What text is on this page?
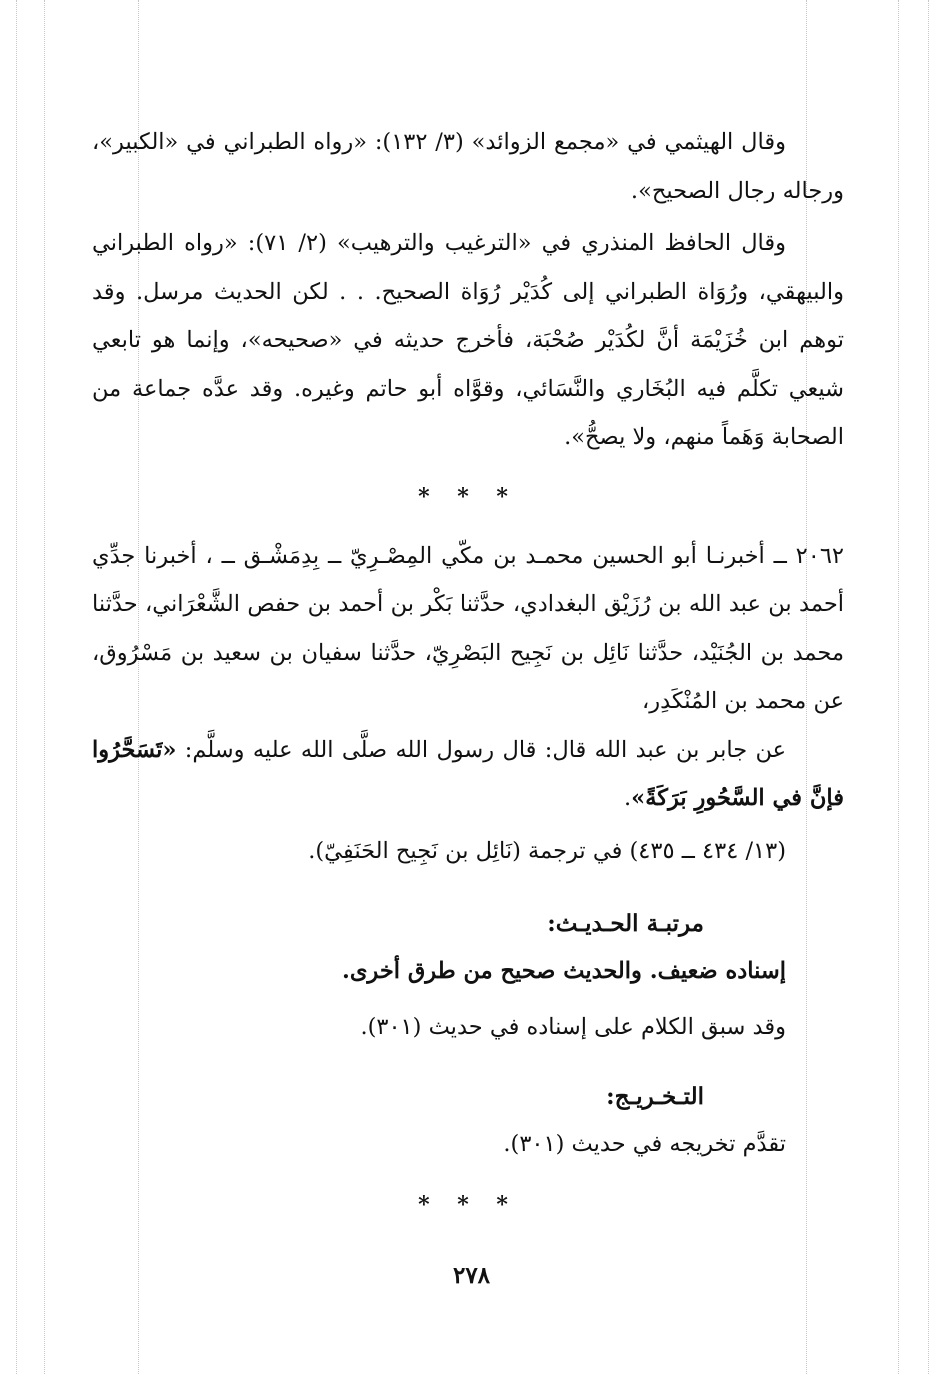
وقال الهيثمي في «مجمع الزوائد» (٣/ ١٣٢): «رواه الطبراني في «الكبير»، ورجاله رجال الصحيح».

وقال الحافظ المنذري في «الترغيب والترهيب» (٢/ ٧١): «رواه الطبراني والبيهقي، ورُوَاة الطبراني إلى كُدَيْر رُوَاة الصحيح. . . لكن الحديث مرسل. وقد توهم ابن خُزَيْمَة أنَّ لكُدَيْر صُحْبَة، فأخرج حديثه في «صحيحه»، وإنما هو تابعي شيعي تكلَّم فيه البُخَاري والنَّسَائي، وقوَّاه أبو حاتم وغيره. وقد عدَّه جماعة من الصحابة وَهَماً منهم، ولا يصحُّ».

* * *

٢٠٦٢ ــ أخبرنـا أبو الحسين محمـد بن مكّي المِصْـرِيّ ــ بِدِمَشْـق ــ ، أخبرنا جدِّي أحمد بن عبد الله بن رُزَيْق البغدادي، حدَّثنا بَكْر بن أحمد بن حفص الشَّعْرَاني، حدَّثنا محمد بن الجُنَيْد، حدَّثنا نَائِل بن نَجِيح البَصْرِيّ، حدَّثنا سفيان بن سعيد بن مَسْرُوق، عن محمد بن المُنْكَدِر،

عن جابر بن عبد الله قال: قال رسول الله صلَّى الله عليه وسلَّم: «تَسَحَّرُوا فإنَّ في السَّحُورِ بَرَكَةً».

(١٣/ ٤٣٤ ــ ٤٣٥) في ترجمة (نَائِل بن نَجِيح الحَنَفِيّ).

مرتبـة الحـديـث:

إسناده ضعيف. والحديث صحيح من طرق أخرى.

وقد سبق الكلام على إسناده في حديث (٣٠١).

التـخـريـج:

تقدَّم تخريجه في حديث (٣٠١).

* * *
٢٧٨
